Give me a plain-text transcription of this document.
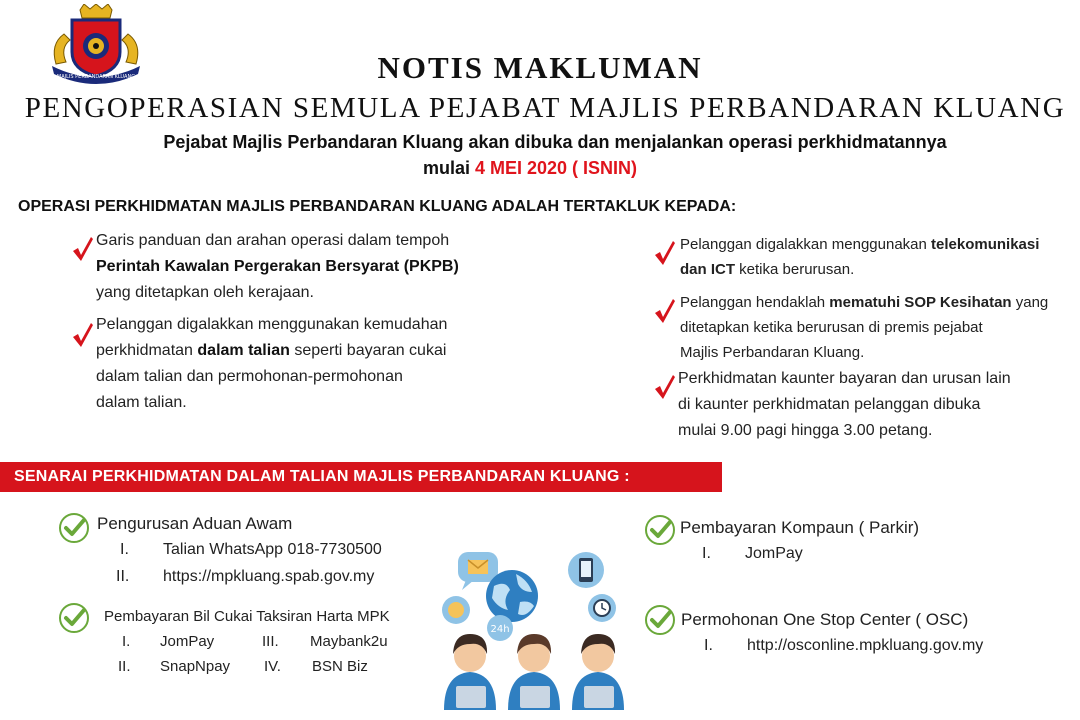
MAJLIS PERBANDARAN KLUANG	NOTIS MAKLUMAN
PENGOPERASIAN SEMULA PEJABAT MAJLIS PERBANDARAN KLUANG
Pejabat Majlis Perbandaran Kluang akan dibuka dan menjalankan operasi perkhidmatannya
mulai 4 MEI 2020 ( ISNIN)
OPERASI PERKHIDMATAN MAJLIS PERBANDARAN KLUANG ADALAH TERTAKLUK KEPADA:
Garis panduan dan arahan operasi dalam tempoh
Perintah Kawalan Pergerakan Bersyarat (PKPB)
yang ditetapkan oleh kerajaan.
Pelanggan digalakkan menggunakan kemudahan
perkhidmatan dalam talian seperti bayaran cukai
dalam talian dan permohonan-permohonan
dalam talian.
Pelanggan digalakkan menggunakan telekomunikasi
dan ICT ketika berurusan.
Pelanggan hendaklah mematuhi SOP Kesihatan yang
ditetapkan ketika berurusan di premis pejabat
Majlis Perbandaran Kluang.
Perkhidmatan kaunter bayaran dan urusan lain
di kaunter perkhidmatan pelanggan dibuka
mulai 9.00 pagi hingga 3.00 petang.
SENARAI PERKHIDMATAN DALAM TALIAN MAJLIS PERBANDARAN KLUANG :
Pengurusan Aduan Awam
I. Talian WhatsApp 018-7730500
II. https://mpkluang.spab.gov.my
Pembayaran Bil Cukai Taksiran Harta MPK
I. JomPay
II. SnapNpay
III. Maybank2u
IV. BSN Biz
24h
Pembayaran Kompaun ( Parkir)
I. JomPay
Permohonan One Stop Center ( OSC)
I. http://osconline.mpkluang.gov.my
